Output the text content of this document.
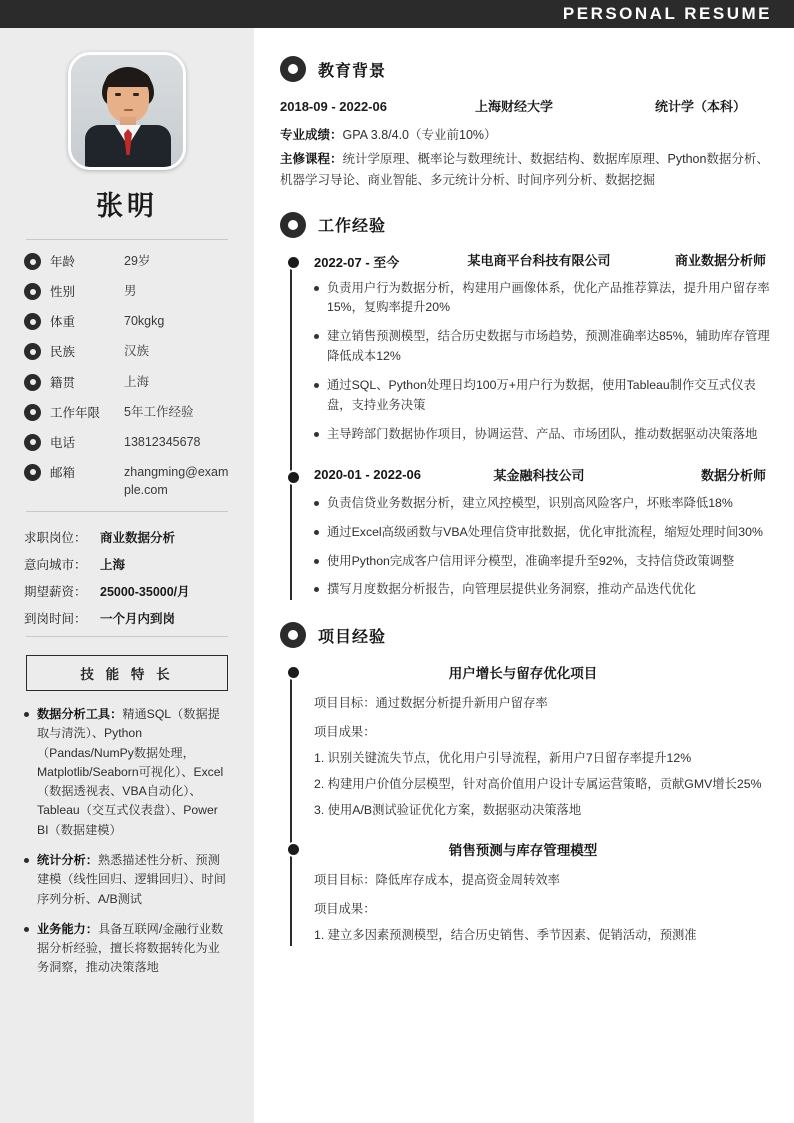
PERSONAL RESUME
张明
年龄	29岁
性别	男
体重	70kgkg
民族	汉族
籍贯	上海
工作年限	5年工作经验
电话	13812345678
邮箱	zhangming@example.com
求职岗位：	商业数据分析
意向城市：	上海
期望薪资：	25000-35000/月
到岗时间：	一个月内到岗
技 能 特 长
数据分析工具：精通SQL（数据提取与清洗）、Python（Pandas/NumPy数据处理，Matplotlib/Seaborn可视化）、Excel（数据透视表、VBA自动化）、Tableau（交互式仪表盘）、Power BI（数据建模）
统计分析：熟悉描述性分析、预测建模（线性回归、逻辑回归）、时间序列分析、A/B测试
业务能力：具备互联网/金融行业数据分析经验，擅长将数据转化为业务洞察，推动决策落地
教育背景
2018-09 - 2022-06	上海财经大学	统计学（本科）
专业成绩：GPA 3.8/4.0（专业前10%）
主修课程：统计学原理、概率论与数理统计、数据结构、数据库原理、Python数据分析、机器学习导论、商业智能、多元统计分析、时间序列分析、数据挖掘
工作经验
2022-07 - 至今	某电商平台科技有限公司	商业数据分析师
负责用户行为数据分析，构建用户画像体系，优化产品推荐算法，提升用户留存率15%，复购率提升20%
建立销售预测模型，结合历史数据与市场趋势，预测准确率达85%，辅助库存管理降低成本12%
通过SQL、Python处理日均100万+用户行为数据，使用Tableau制作交互式仪表盘，支持业务决策
主导跨部门数据协作项目，协调运营、产品、市场团队，推动数据驱动决策落地
2020-01 - 2022-06	某金融科技公司	数据分析师
负责信贷业务数据分析，建立风控模型，识别高风险客户，坏账率降低18%
通过Excel高级函数与VBA处理信贷审批数据，优化审批流程，缩短处理时间30%
使用Python完成客户信用评分模型，准确率提升至92%，支持信贷政策调整
撰写月度数据分析报告，向管理层提供业务洞察，推动产品迭代优化
项目经验
用户增长与留存优化项目
项目目标：通过数据分析提升新用户留存率
项目成果：
1. 识别关键流失节点，优化用户引导流程，新用户7日留存率提升12%
2. 构建用户价值分层模型，针对高价值用户设计专属运营策略，贡献GMV增长25%
3. 使用A/B测试验证优化方案，数据驱动决策落地
销售预测与库存管理模型
项目目标：降低库存成本，提高资金周转效率
项目成果：
1. 建立多因素预测模型，结合历史销售、季节因素、促销活动，预测准
